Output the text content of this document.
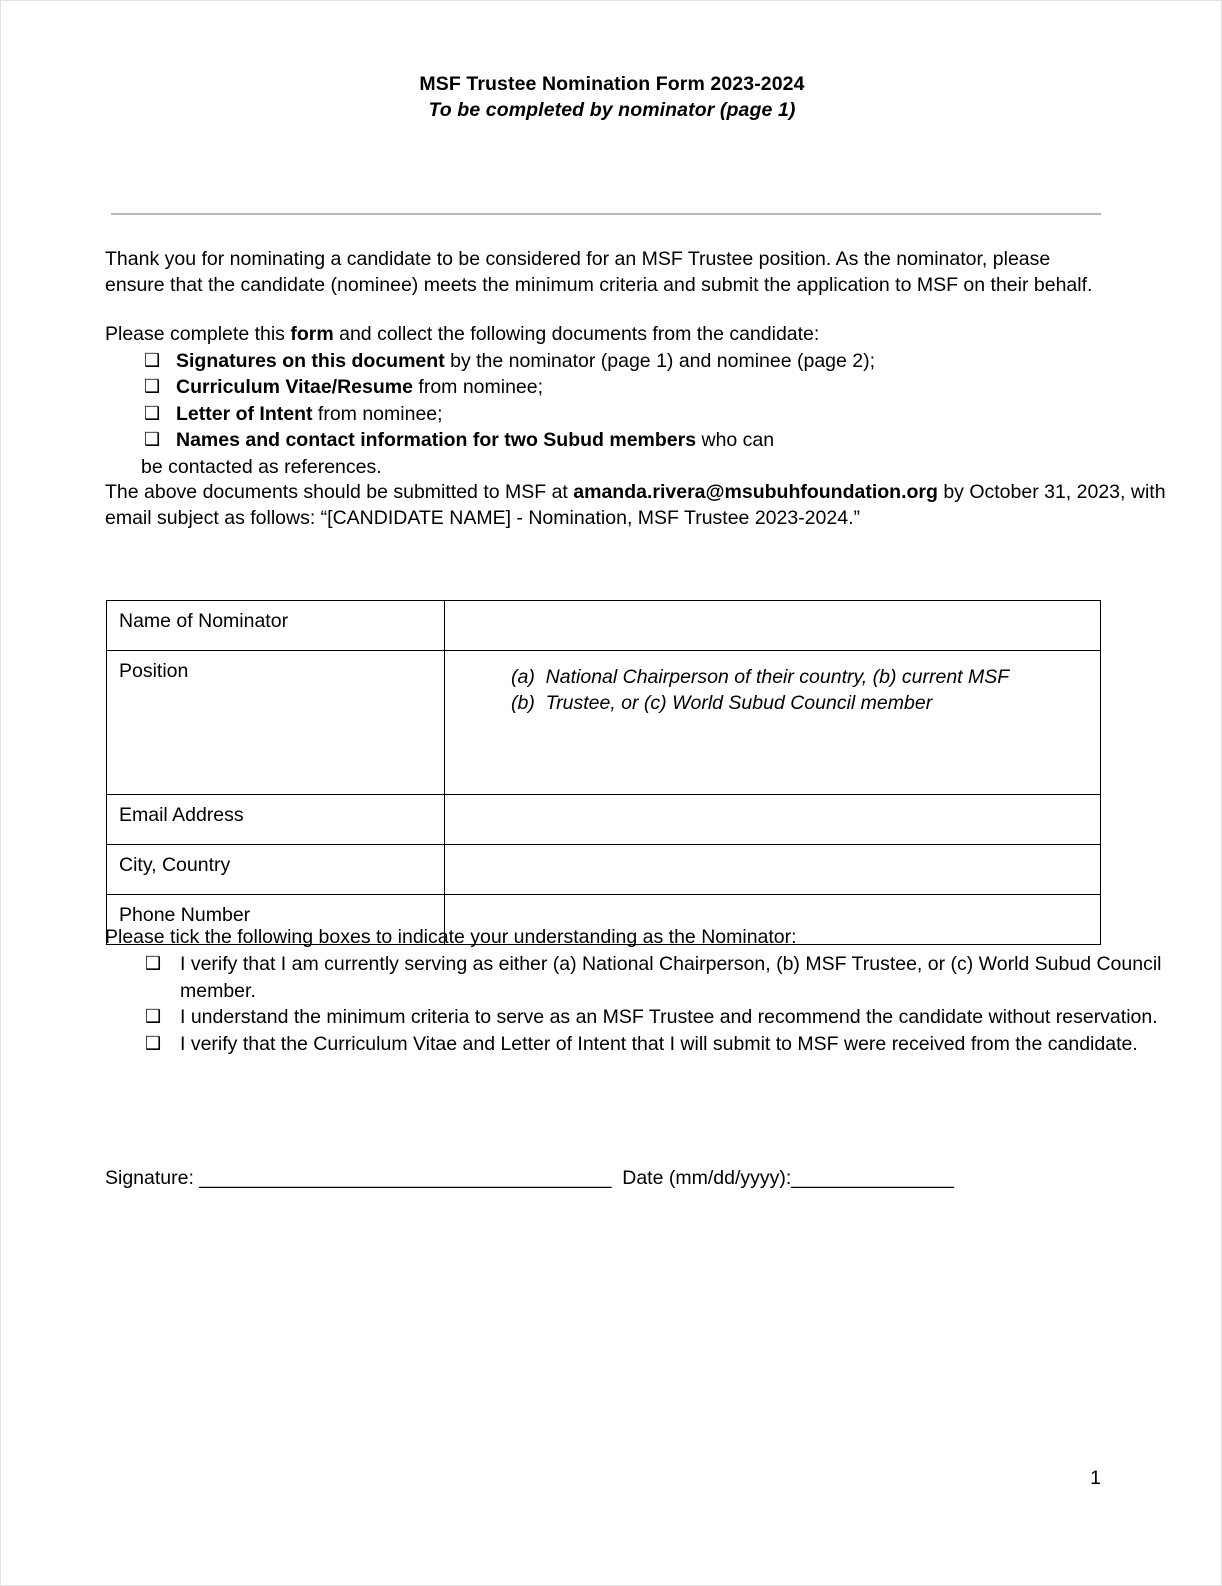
MSF Trustee Nomination Form 2023-2024
To be completed by nominator (page 1)

Thank you for nominating a candidate to be considered for an MSF Trustee position. As the nominator, please ensure that the candidate (nominee) meets the minimum criteria and submit the application to MSF on their behalf.

Please complete this form and collect the following documents from the candidate:
❑ Signatures on this document by the nominator (page 1) and nominee (page 2);
❑ Curriculum Vitae/Resume from nominee;
❑ Letter of Intent from nominee;
❑ Names and contact information for two Subud members who can
be contacted as references.
The above documents should be submitted to MSF at amanda.rivera@msubuhfoundation.org by October 31, 2023, with email subject as follows: “[CANDIDATE NAME] - Nomination, MSF Trustee 2023-2024.”
Name of Nominator	
Position	(a)  National Chairperson of their country, (b) current MSF
(b)  Trustee, or (c) World Subud Council member

Email Address	
City, Country	
Phone Number	
Please tick the following boxes to indicate your understanding as the Nominator:
❑ I verify that I am currently serving as either (a) National Chairperson, (b) MSF Trustee, or (c) World Subud Council member.
❑ I understand the minimum criteria to serve as an MSF Trustee and recommend the candidate without reservation.
❑ I verify that the Curriculum Vitae and Letter of Intent that I will submit to MSF were received from the candidate.
Signature: ______________________________________  Date (mm/dd/yyyy):_______________
1
